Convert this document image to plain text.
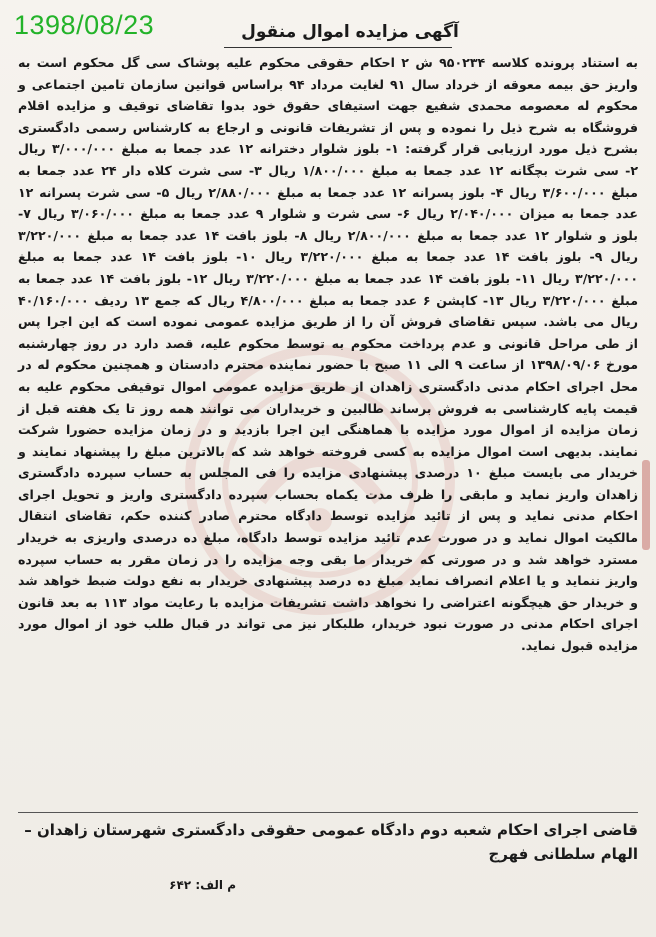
1398/08/23	آگهی مزایده اموال منقول
به استناد پرونده کلاسه ۹۵۰۲۳۴ ش ۲ احکام حقوقی محکوم علیه پوشاک سی گل محکوم است به واریز حق بیمه معوقه از خرداد سال ۹۱ لغایت مرداد ۹۴ براساس قوانین سازمان تامین اجتماعی و محکوم له معصومه محمدی شفیع جهت استیفای حقوق خود بدوا تقاضای توقیف و مزایده اقلام فروشگاه به شرح ذیل را نموده و پس از تشریفات قانونی و ارجاع به کارشناس رسمی دادگستری بشرح ذیل مورد ارزیابی قرار گرفته: ۱- بلوز شلوار دخترانه ۱۲ عدد جمعا به مبلغ ۳/۰۰۰/۰۰۰ ریال ۲- سی شرت بچگانه ۱۲ عدد جمعا به مبلغ ۱/۸۰۰/۰۰۰ ریال ۳- سی شرت کلاه دار ۲۴ عدد جمعا به مبلغ ۳/۶۰۰/۰۰۰ ریال ۴- بلوز پسرانه ۱۲ عدد جمعا به مبلغ ۲/۸۸۰/۰۰۰ ریال ۵- سی شرت پسرانه ۱۲ عدد جمعا به میزان ۲/۰۴۰/۰۰۰ ریال ۶- سی شرت و شلوار ۹ عدد جمعا به مبلغ ۳/۰۶۰/۰۰۰ ریال ۷- بلوز و شلوار ۱۲ عدد جمعا به مبلغ ۲/۸۰۰/۰۰۰ ریال ۸- بلوز بافت ۱۴ عدد جمعا به مبلغ ۳/۲۲۰/۰۰۰ ریال ۹- بلوز بافت ۱۴ عدد جمعا به مبلغ ۳/۲۲۰/۰۰۰ ریال ۱۰- بلوز بافت ۱۴ عدد جمعا به مبلغ ۳/۲۲۰/۰۰۰ ریال ۱۱- بلوز بافت ۱۴ عدد جمعا به مبلغ ۳/۲۲۰/۰۰۰ ریال ۱۲- بلوز بافت ۱۴ عدد جمعا به مبلغ ۳/۲۲۰/۰۰۰ ریال ۱۳- کاپشن ۶ عدد جمعا به مبلغ ۴/۸۰۰/۰۰۰ ریال که جمع ۱۳ ردیف ۴۰/۱۶۰/۰۰۰ ریال می باشد. سپس تقاضای فروش آن را از طریق مزایده عمومی نموده است که این اجرا پس از طی مراحل قانونی و عدم پرداخت محکوم به توسط محکوم علیه، قصد دارد در روز چهارشنبه مورخ ۱۳۹۸/۰۹/۰۶ از ساعت ۹ الی ۱۱ صبح با حضور نماینده محترم دادستان و همچنین محکوم له در محل اجرای احکام مدنی دادگستری زاهدان از طریق مزایده عمومی اموال توقیفی محکوم علیه به قیمت پایه کارشناسی به فروش برساند طالبین و خریداران می توانند همه روز تا یک هفته قبل از زمان مزایده از اموال مورد مزایده با هماهنگی این اجرا بازدید و در زمان مزایده حضورا شرکت نمایند. بدیهی است اموال مزایده به کسی فروخته خواهد شد که بالاترین مبلغ را پیشنهاد نمایند و خریدار می بایست مبلغ ۱۰ درصدی پیشنهادی مزایده را فی المجلس به حساب سپرده دادگستری زاهدان واریز نماید و مابقی را ظرف مدت یکماه بحساب سپرده دادگستری واریز و تحویل اجرای احکام مدنی نماید و پس از تائید مزایده توسط دادگاه محترم صادر کننده حکم، تقاضای انتقال مالکیت اموال نماید و در صورت عدم تائید مزایده توسط دادگاه، مبلغ ده درصدی واریزی به خریدار مسترد خواهد شد و در صورتی که خریدار ما بقی وجه مزایده را در زمان مقرر به حساب سپرده واریز ننماید و یا اعلام انصراف نماید مبلغ ده درصد پیشنهادی خریدار به نفع دولت ضبط خواهد شد و خریدار حق هیچگونه اعتراضی را نخواهد داشت تشریفات مزایده با رعایت مواد ۱۱۳ به بعد قانون اجرای احکام مدنی در صورت نبود خریدار، طلبکار نیز می تواند در قبال طلب خود از اموال مورد مزایده قبول نماید.
قاضی اجرای احکام شعبه دوم دادگاه عمومی حقوقی دادگستری شهرستان زاهدان –
الهام سلطانی فهرج
م الف: ۶۴۲
